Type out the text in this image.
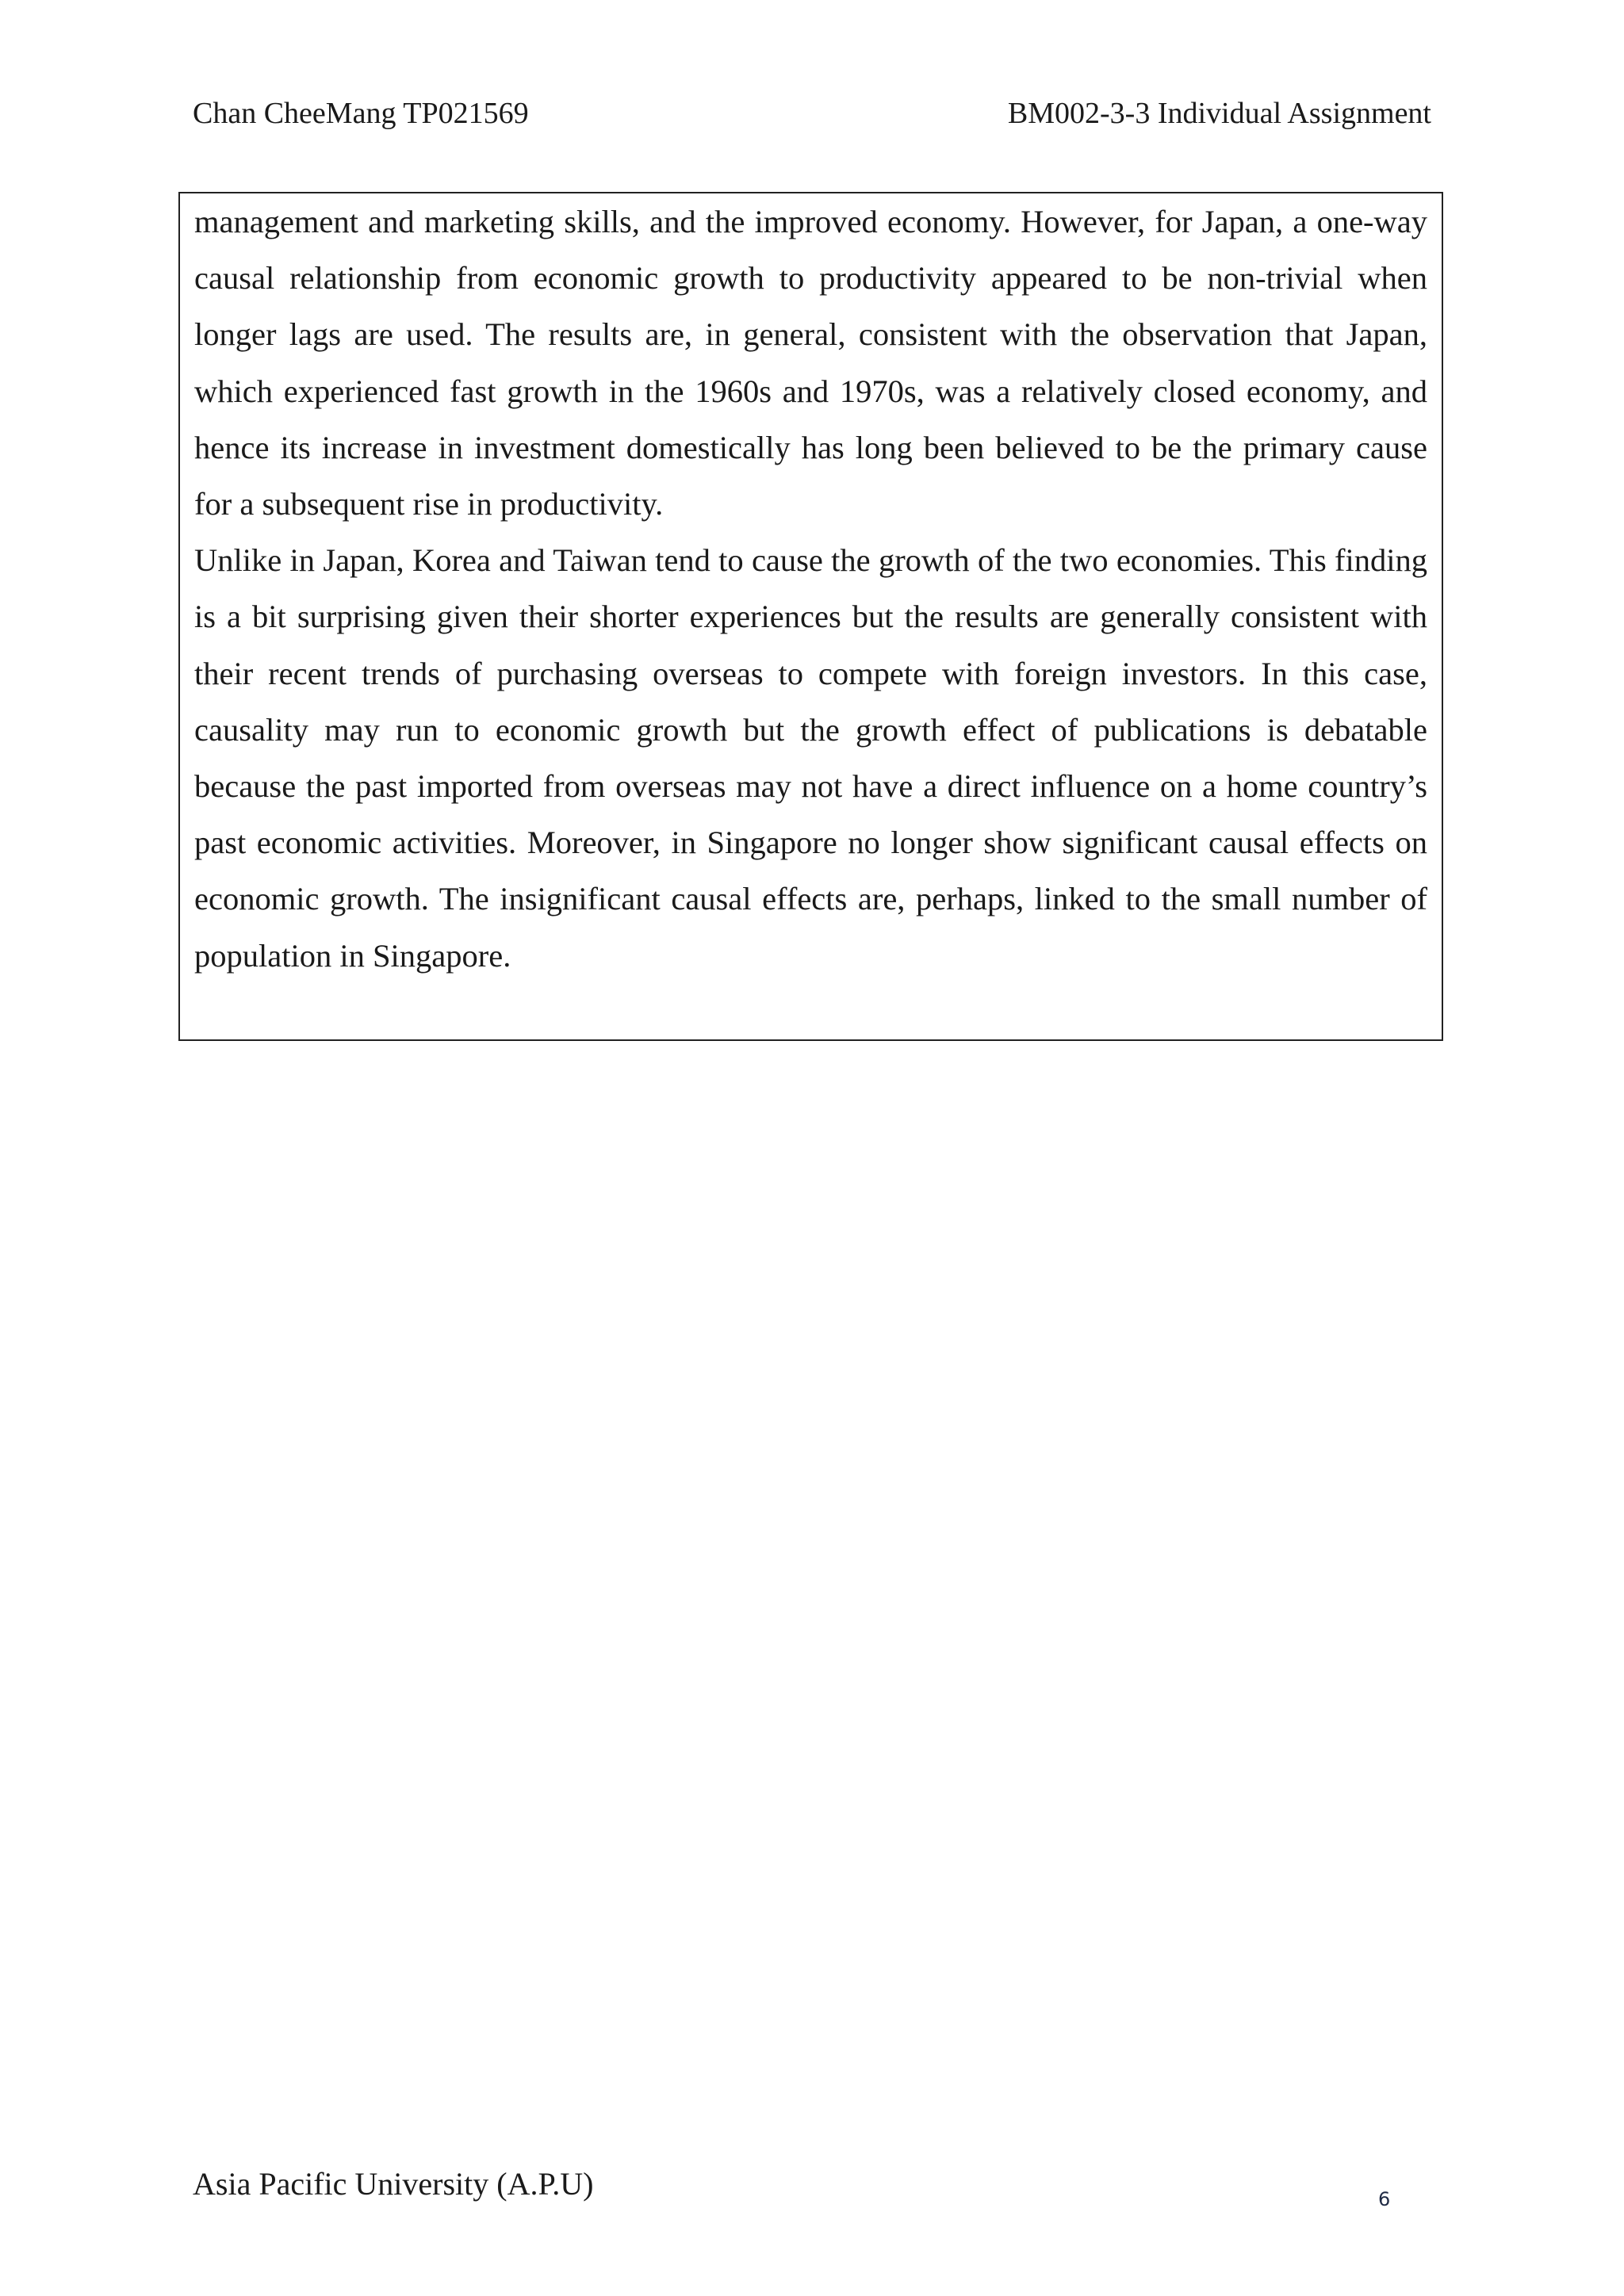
Chan CheeMang TP021569	BM002-3-3 Individual Assignment

management and marketing skills, and the improved economy. However, for Japan, a one-way causal relationship from economic growth to productivity appeared to be non-trivial when longer lags are used. The results are, in general, consistent with the observation that Japan, which experienced fast growth in the 1960s and 1970s, was a relatively closed economy, and hence its increase in investment domestically has long been believed to be the primary cause for a subsequent rise in productivity.

Unlike in Japan, Korea and Taiwan tend to cause the growth of the two economies. This finding is a bit surprising given their shorter experiences but the results are generally consistent with their recent trends of purchasing overseas to compete with foreign investors. In this case, causality may run to economic growth but the growth effect of publications is debatable because the past imported from overseas may not have a direct influence on a home country’s past economic activities. Moreover, in Singapore no longer show significant causal effects on economic growth. The insignificant causal effects are, perhaps, linked to the small number of population in Singapore.

Asia Pacific University (A.P.U)	6
